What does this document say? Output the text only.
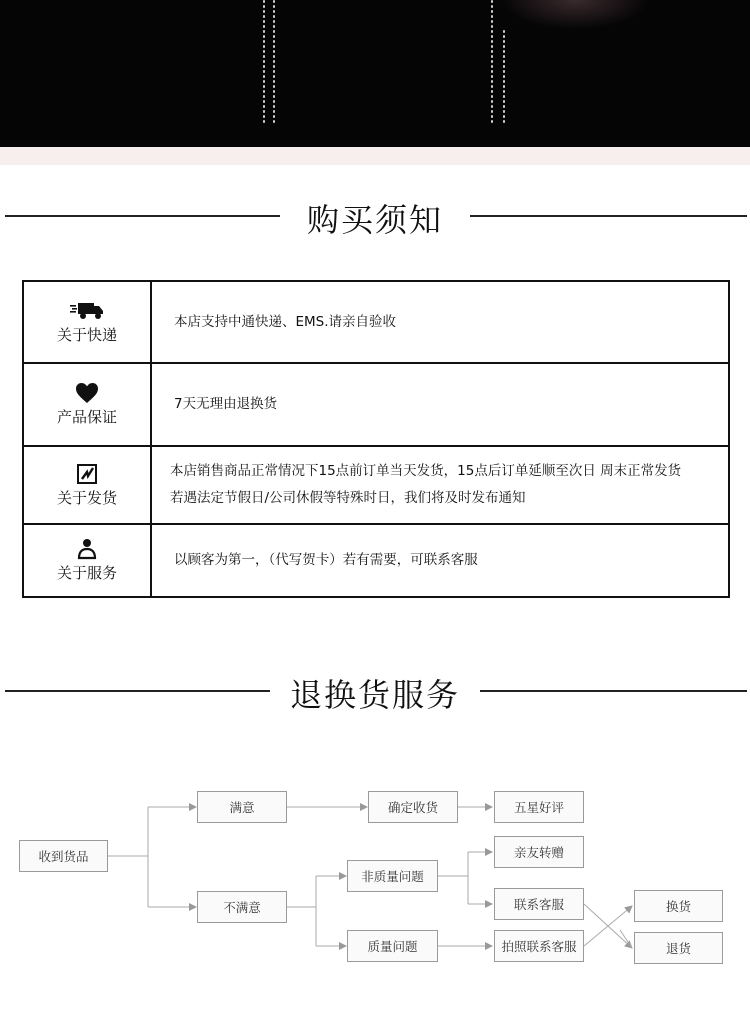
购买须知
关于快递
本店支持中通快递、EMS.请亲自验收
产品保证
7天无理由退换货
关于发货
本店销售商品正常情况下15点前订单当天发货，15点后订单延顺至次日 周末正常发货
若遇法定节假日/公司休假等特殊时日，我们将及时发布通知
关于服务
以顾客为第一，（代写贺卡）若有需要，可联系客服
退换货服务
收到货品
满意	确定收货	五星好评
不满意
非质量问题
质量问题
亲友转赠
联系客服
拍照联系客服
换货
退货
